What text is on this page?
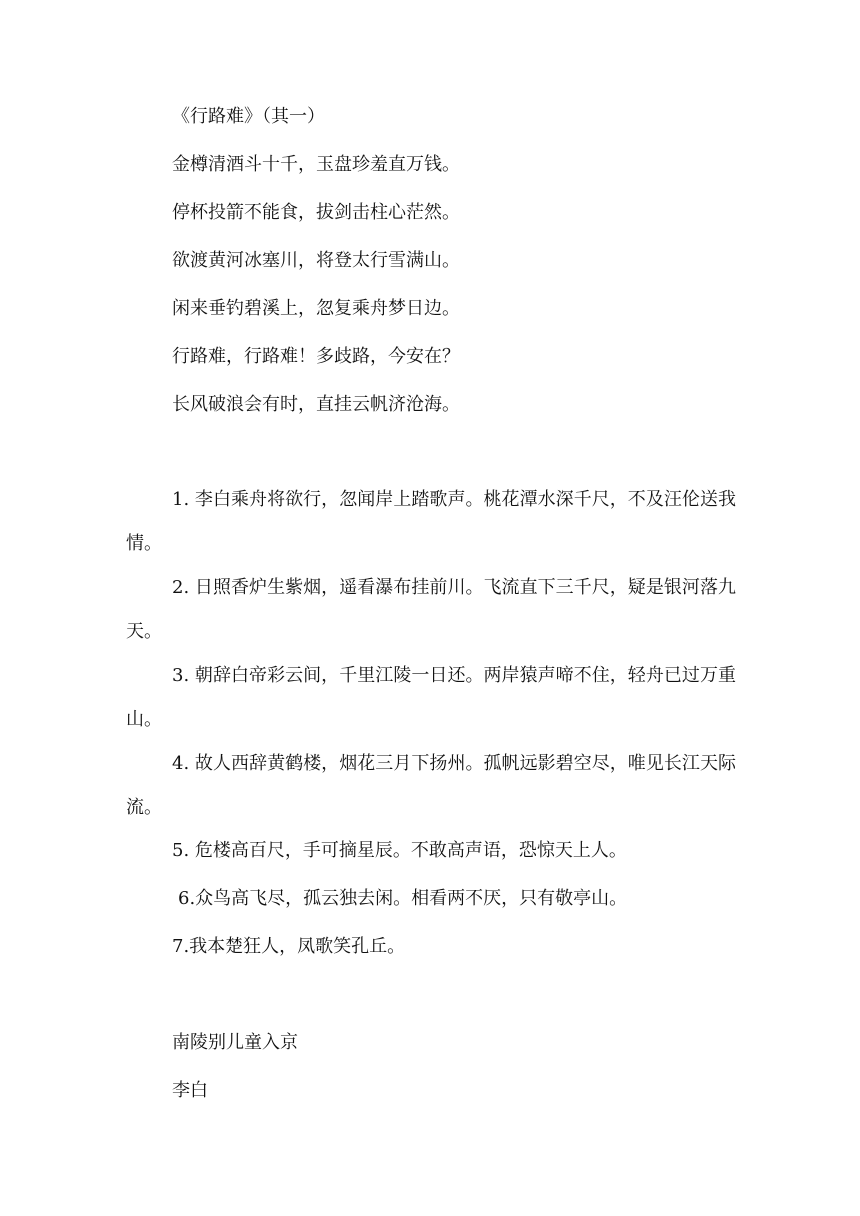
《行路难》（其一）

金樽清酒斗十千，玉盘珍羞直万钱。

停杯投箭不能食，拔剑击柱心茫然。

欲渡黄河冰塞川，将登太行雪满山。

闲来垂钓碧溪上，忽复乘舟梦日边。

行路难，行路难！多歧路，今安在？

长风破浪会有时，直挂云帆济沧海。

1. 李白乘舟将欲行，忽闻岸上踏歌声。桃花潭水深千尺，不及汪伦送我情。

2. 日照香炉生紫烟，遥看瀑布挂前川。飞流直下三千尺，疑是银河落九天。

3. 朝辞白帝彩云间，千里江陵一日还。两岸猿声啼不住，轻舟已过万重山。

4. 故人西辞黄鹤楼，烟花三月下扬州。孤帆远影碧空尽，唯见长江天际流。

5. 危楼高百尺，手可摘星辰。不敢高声语，恐惊天上人。

6.众鸟高飞尽，孤云独去闲。相看两不厌，只有敬亭山。

7.我本楚狂人，凤歌笑孔丘。

南陵别儿童入京

李白
